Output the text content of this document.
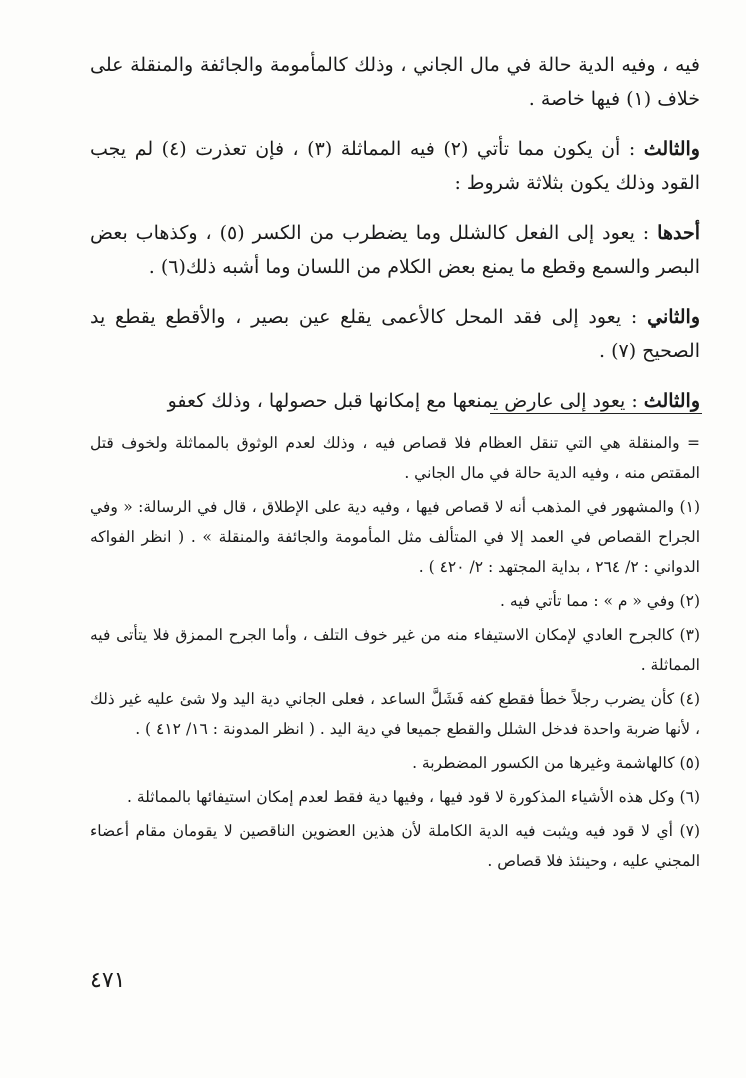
فيه ، وفيه الدية حالة في مال الجاني ، وذلك كالمأمومة والجائفة والمنقلة على خلاف (١) فيها خاصة .

والثالث : أن يكون مما تأتي (٢) فيه المماثلة (٣) ، فإن تعذرت (٤) لم يجب القود وذلك يكون بثلاثة شروط :

أحدها : يعود إلى الفعل كالشلل وما يضطرب من الكسر (٥) ، وكذهاب بعض البصر والسمع وقطع ما يمنع بعض الكلام من اللسان وما أشبه ذلك(٦) .

والثاني : يعود إلى فقد المحل كالأعمى يقلع عين بصير ، والأقطع يقطع يد الصحيح (٧) .

والثالث : يعود إلى عارض يمنعها مع إمكانها قبل حصولها ، وذلك كعفو

= والمنقلة هي التي تنقل العظام فلا قصاص فيه ، وذلك لعدم الوثوق بالمماثلة ولخوف قتل المقتص منه ، وفيه الدية حالة في مال الجاني .

(١) والمشهور في المذهب أنه لا قصاص فيها ، وفيه دية على الإطلاق ، قال في الرسالة: « وفي الجراح القصاص في العمد إلا في المتألف مثل المأمومة والجائفة والمنقلة » . ( انظر الفواكه الدواني : ٢/ ٢٦٤ ، بداية المجتهد : ٢/ ٤٢٠ ) .

(٢) وفي « م » : مما تأتي فيه .

(٣) كالجرح العادي لإمكان الاستيفاء منه من غير خوف التلف ، وأما الجرح الممزق فلا يتأتى فيه المماثلة .

(٤) كأن يضرب رجلاً خطأ فقطع كفه فَشَلَّ الساعد ، فعلى الجاني دية اليد ولا شئ عليه غير ذلك ، لأنها ضربة واحدة فدخل الشلل والقطع جميعا في دية اليد . ( انظر المدونة : ١٦/ ٤١٢ ) .

(٥) كالهاشمة وغيرها من الكسور المضطربة .

(٦) وكل هذه الأشياء المذكورة لا قود فيها ، وفيها دية فقط لعدم إمكان استيفائها بالمماثلة .

(٧) أي لا قود فيه ويثبت فيه الدية الكاملة لأن هذين العضوين الناقصين لا يقومان مقام أعضاء المجني عليه ، وحينئذ فلا قصاص .

٤٧١
